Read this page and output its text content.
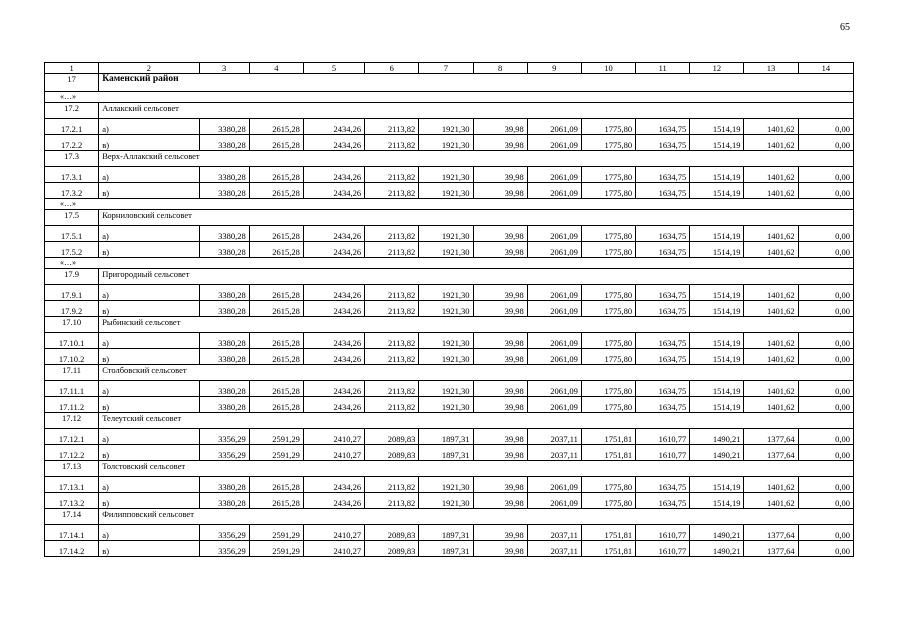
65
1	2	3	4	5	6	7	8	9	10	11	12	13	14
17	Каменский район												
«…»													
17.2	Аллакский сельсовет												
17.2.1	а)	3380,28	2615,28	2434,26	2113,82	1921,30	39,98	2061,09	1775,80	1634,75	1514,19	1401,62	0,00
17.2.2	в)	3380,28	2615,28	2434,26	2113,82	1921,30	39,98	2061,09	1775,80	1634,75	1514,19	1401,62	0,00
17.3	Верх-Аллакский сельсовет												
17.3.1	а)	3380,28	2615,28	2434,26	2113,82	1921,30	39,98	2061,09	1775,80	1634,75	1514,19	1401,62	0,00
17.3.2	в)	3380,28	2615,28	2434,26	2113,82	1921,30	39,98	2061,09	1775,80	1634,75	1514,19	1401,62	0,00
«…»													
17.5	Корниловский сельсовет												
17.5.1	а)	3380,28	2615,28	2434,26	2113,82	1921,30	39,98	2061,09	1775,80	1634,75	1514,19	1401,62	0,00
17.5.2	в)	3380,28	2615,28	2434,26	2113,82	1921,30	39,98	2061,09	1775,80	1634,75	1514,19	1401,62	0,00
«…»													
17.9	Пригородный сельсовет												
17.9.1	а)	3380,28	2615,28	2434,26	2113,82	1921,30	39,98	2061,09	1775,80	1634,75	1514,19	1401,62	0,00
17.9.2	в)	3380,28	2615,28	2434,26	2113,82	1921,30	39,98	2061,09	1775,80	1634,75	1514,19	1401,62	0,00
17.10	Рыбинский сельсовет												
17.10.1	а)	3380,28	2615,28	2434,26	2113,82	1921,30	39,98	2061,09	1775,80	1634,75	1514,19	1401,62	0,00
17.10.2	в)	3380,28	2615,28	2434,26	2113,82	1921,30	39,98	2061,09	1775,80	1634,75	1514,19	1401,62	0,00
17.11	Столбовский сельсовет												
17.11.1	а)	3380,28	2615,28	2434,26	2113,82	1921,30	39,98	2061,09	1775,80	1634,75	1514,19	1401,62	0,00
17.11.2	в)	3380,28	2615,28	2434,26	2113,82	1921,30	39,98	2061,09	1775,80	1634,75	1514,19	1401,62	0,00
17.12	Телеутский сельсовет												
17.12.1	а)	3356,29	2591,29	2410,27	2089,83	1897,31	39,98	2037,11	1751,81	1610,77	1490,21	1377,64	0,00
17.12.2	в)	3356,29	2591,29	2410,27	2089,83	1897,31	39,98	2037,11	1751,81	1610,77	1490,21	1377,64	0,00
17.13	Толстовский сельсовет												
17.13.1	а)	3380,28	2615,28	2434,26	2113,82	1921,30	39,98	2061,09	1775,80	1634,75	1514,19	1401,62	0,00
17.13.2	в)	3380,28	2615,28	2434,26	2113,82	1921,30	39,98	2061,09	1775,80	1634,75	1514,19	1401,62	0,00
17.14	Филипповский сельсовет												
17.14.1	а)	3356,29	2591,29	2410,27	2089,83	1897,31	39,98	2037,11	1751,81	1610,77	1490,21	1377,64	0,00
17.14.2	в)	3356,29	2591,29	2410,27	2089,83	1897,31	39,98	2037,11	1751,81	1610,77	1490,21	1377,64	0,00
